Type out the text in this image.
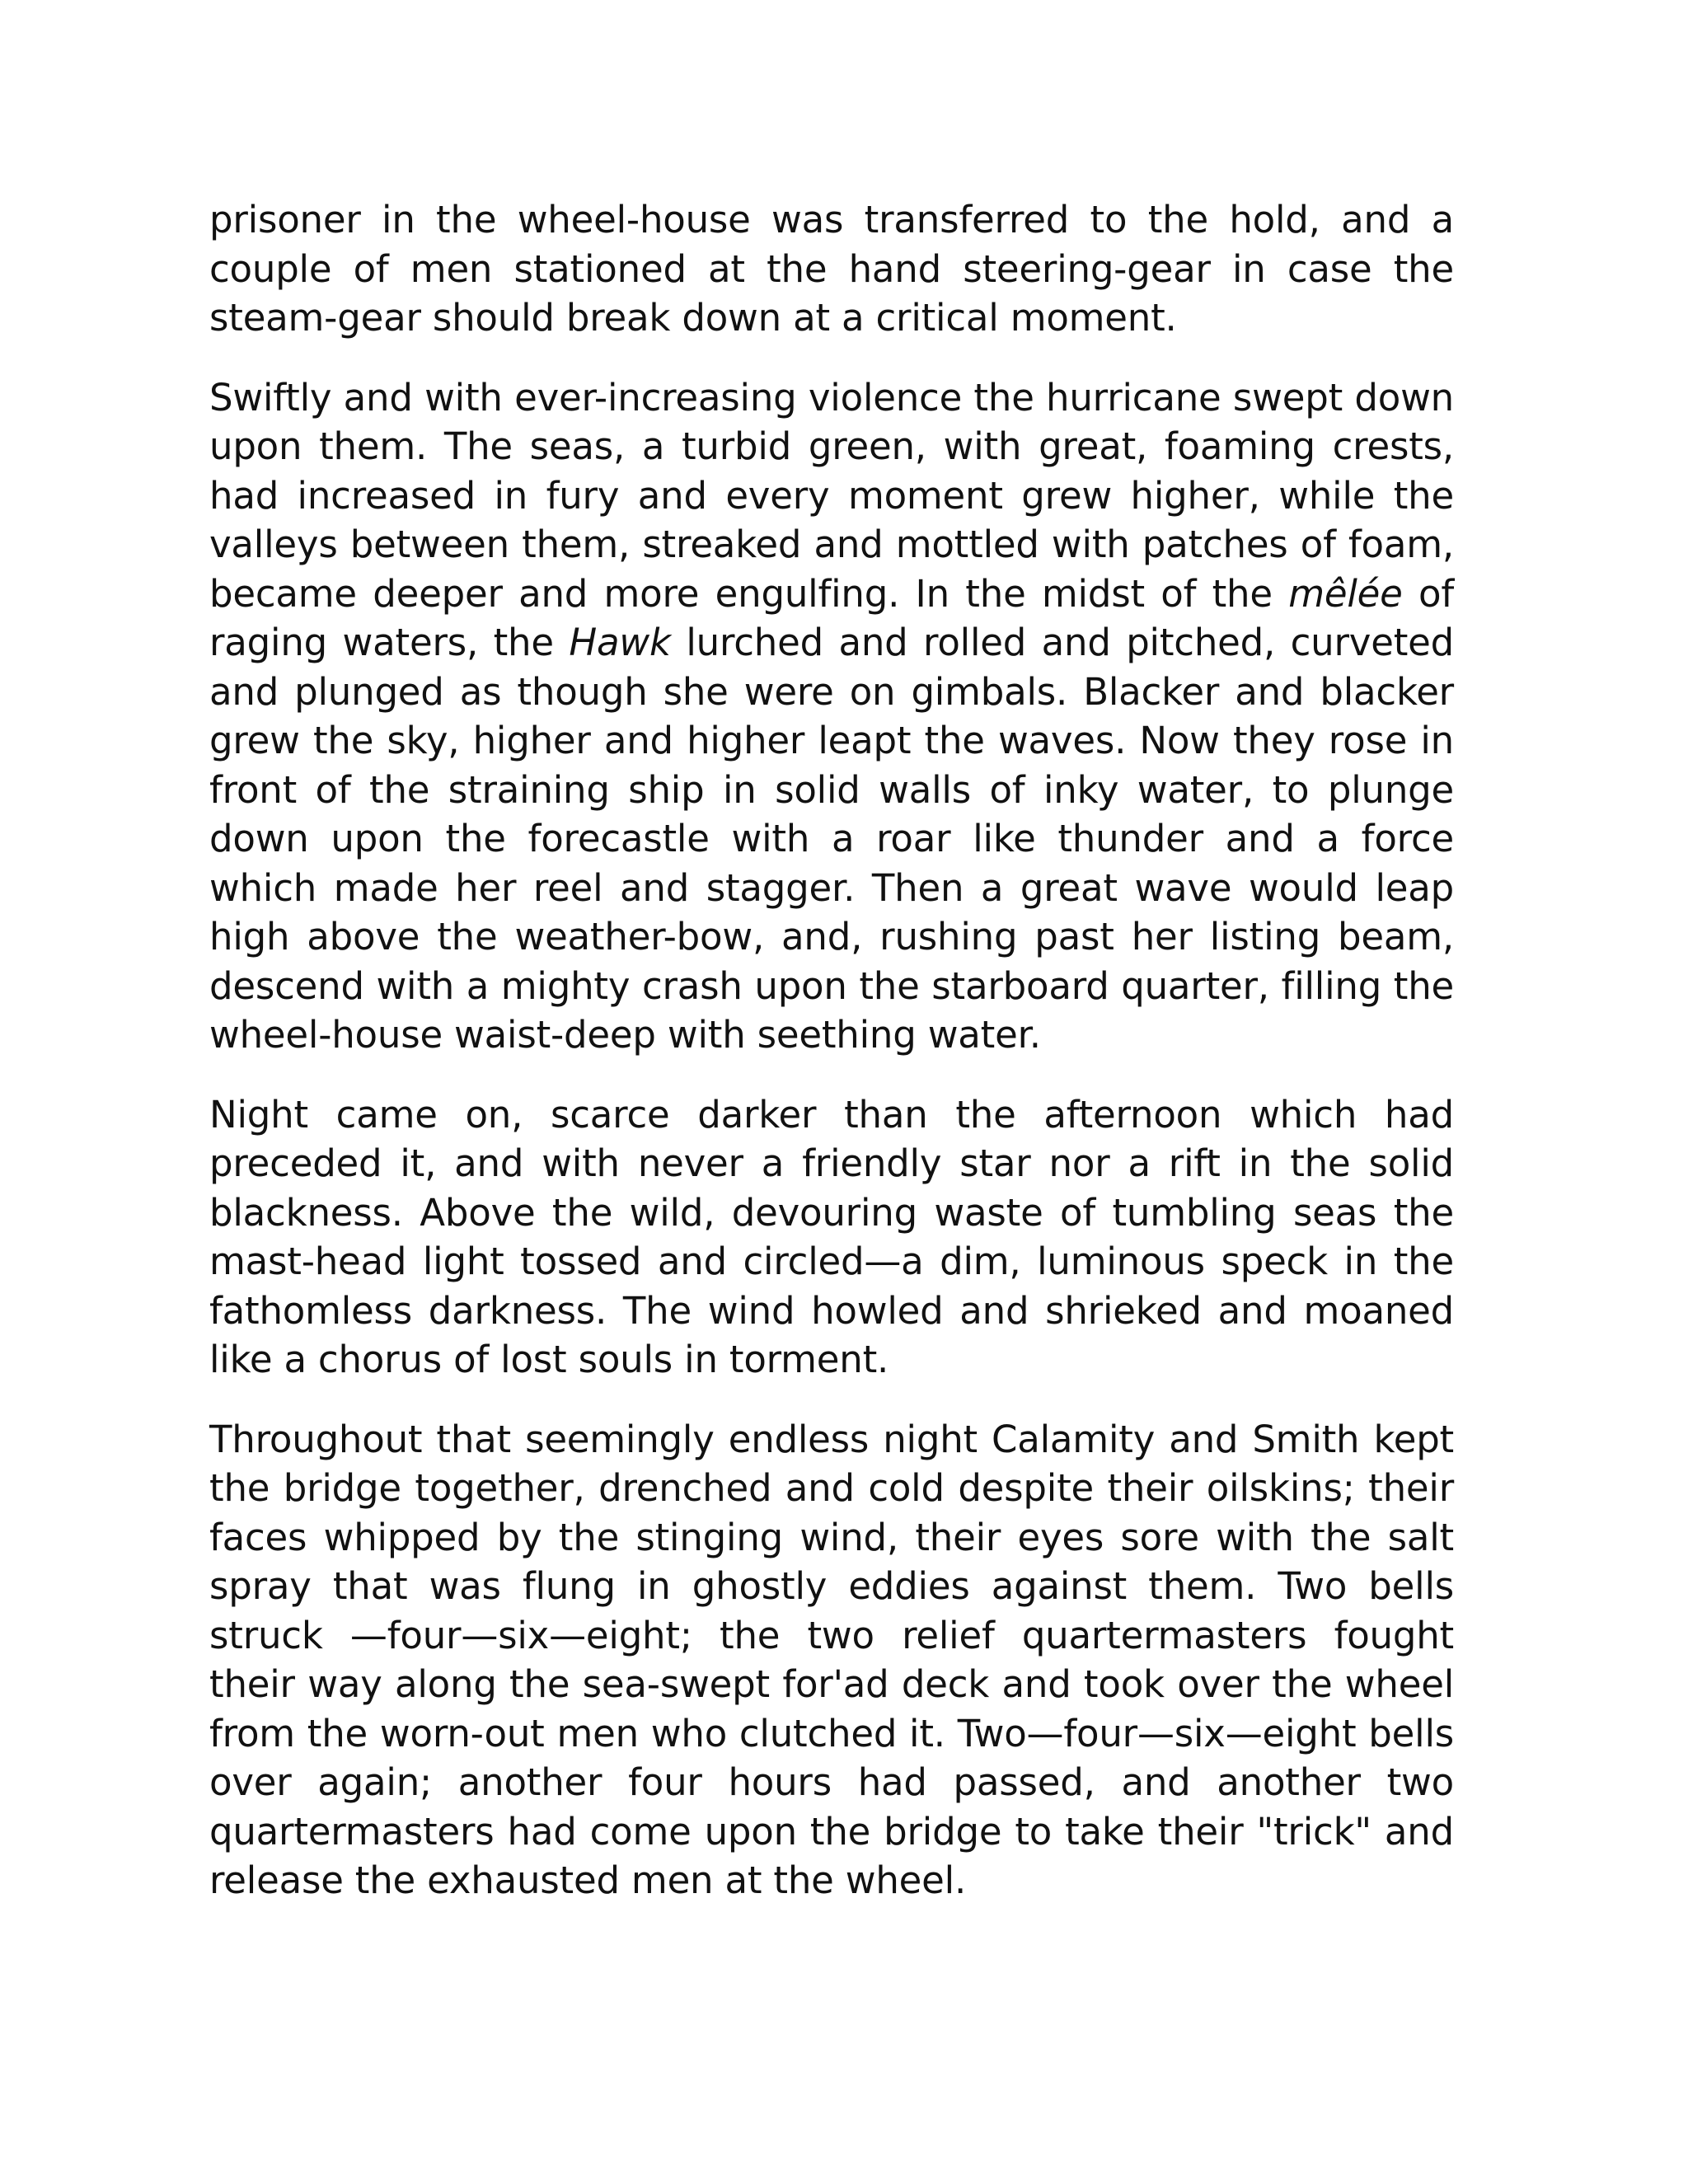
prisoner in the wheel-house was transferred to the hold, and a couple of men stationed at the hand steering-gear in case the steam-gear should break down at a critical moment.

Swiftly and with ever-increasing violence the hurricane swept down upon them. The seas, a turbid green, with great, foaming crests, had increased in fury and every moment grew higher, while the valleys between them, streaked and mottled with patches of foam, became deeper and more engulfing. In the midst of the mêlée of raging waters, the Hawk lurched and rolled and pitched, curveted and plunged as though she were on gimbals. Blacker and blacker grew the sky, higher and higher leapt the waves. Now they rose in front of the straining ship in solid walls of inky water, to plunge down upon the forecastle with a roar like thunder and a force which made her reel and stagger. Then a great wave would leap high above the weather-bow, and, rushing past her listing beam, descend with a mighty crash upon the starboard quarter, filling the wheel-house waist-deep with seething water.

Night came on, scarce darker than the afternoon which had preceded it, and with never a friendly star nor a rift in the solid blackness. Above the wild, devouring waste of tumbling seas the mast-head light tossed and circled—a dim, luminous speck in the fathomless darkness. The wind howled and shrieked and moaned like a chorus of lost souls in torment.

Throughout that seemingly endless night Calamity and Smith kept the bridge together, drenched and cold despite their oilskins; their faces whipped by the stinging wind, their eyes sore with the salt spray that was flung in ghostly eddies against them. Two bells struck —four—six—eight; the two relief quartermasters fought their way along the sea-swept for'ad deck and took over the wheel from the worn-out men who clutched it. Two—four—six—eight bells over again; another four hours had passed, and another two quartermasters had come upon the bridge to take their "trick" and release the exhausted men at the wheel.
